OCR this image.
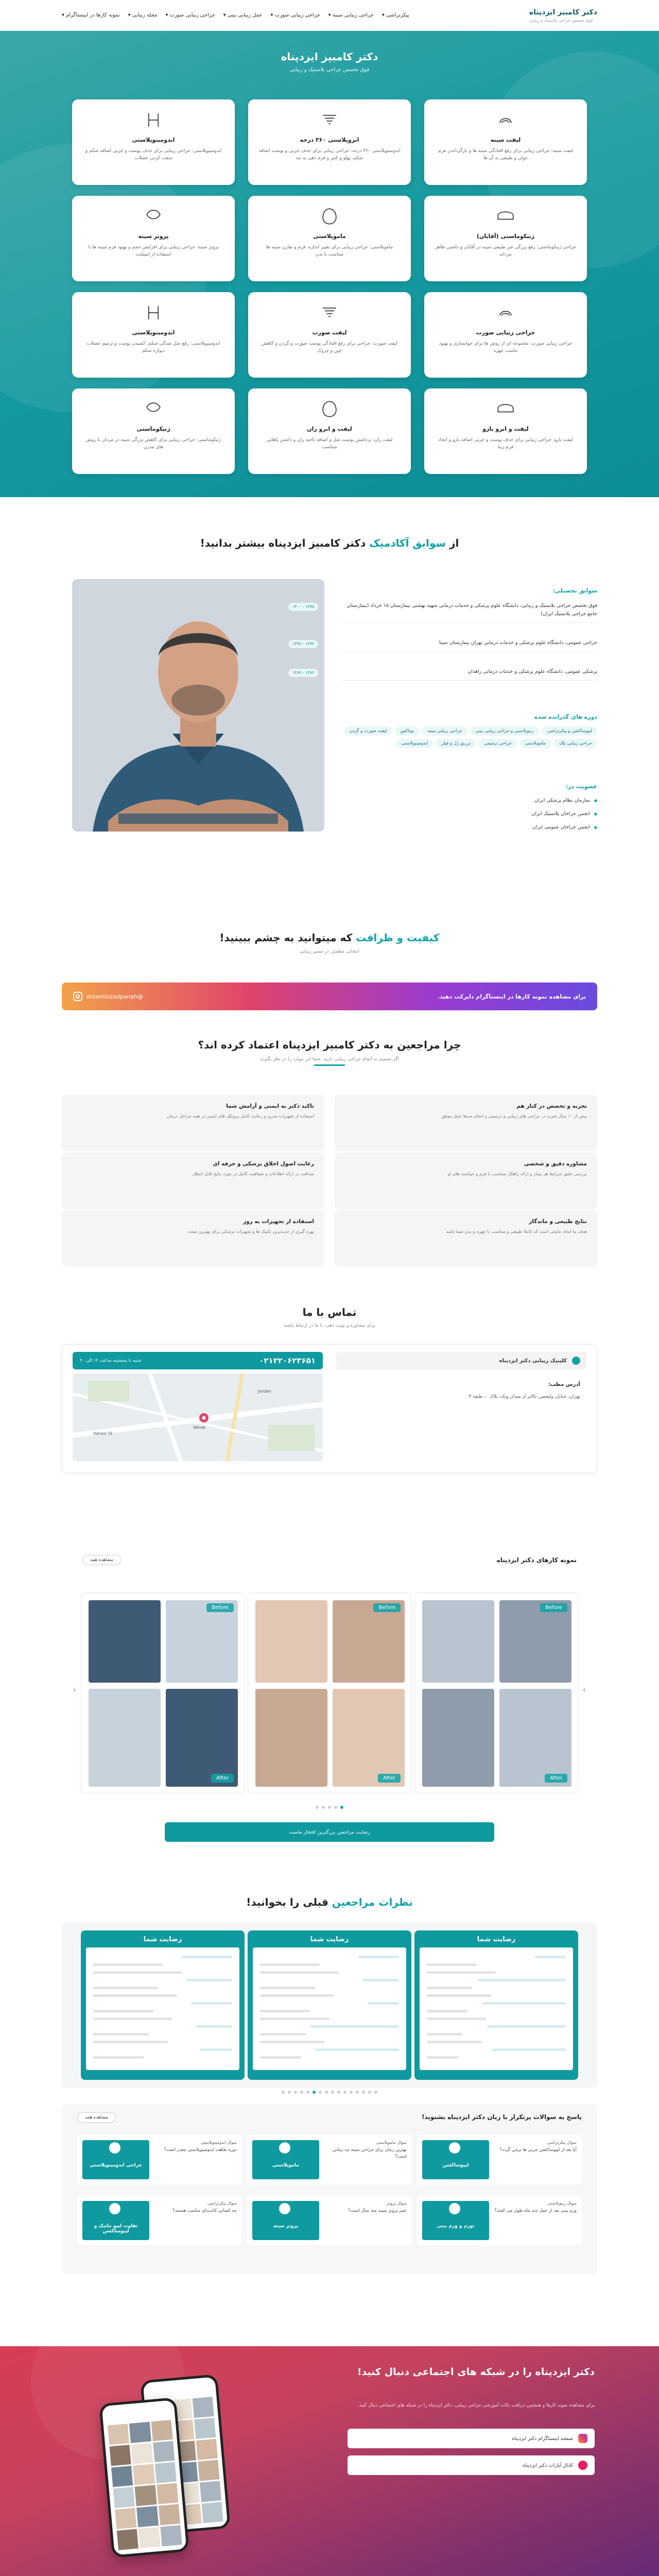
دکتر کامبیز ایزدپناه
فوق تخصص جراحی پلاستیک و زیبایی
پیکرتراشی ▾
جراحی زیبایی سینه ▾
جراحی زیبایی صورت ▾
عمل زیبایی بینی ▾
جراحی زیبایی صورت ▾
مجله زیبایی ▾
نمونه کارها در اینستاگرام ▾
دکتر کامبیز ایزدپناه
فوق تخصص جراحی پلاستیک و زیبایی
لیفت سینه
لیفت سینه: جراحی زیبایی برای رفع افتادگی سینه ها و بازگرداندن فرم جوان و طبیعی به آن ها
ابروپلاستی ۳۶۰ درجه
ابدومینوپلاستی ۳۶۰ درجه: جراحی زیبایی برای حذف چربی و پوست اضافه شکم، پهلو و کمر و فرم دهی به تنه
ابدومینوپلاستی
ابدومینوپلاستی: جراحی زیبایی برای حذف پوست و چربی اضافه شکم و سفت کردن عضلات
ژنیکوماستی (آقایان)
جراحی ژنیکوماستی: رفع بزرگی غیر طبیعی سینه در آقایان و داشتن ظاهر مردانه
ماموپلاستی
ماموپلاستی: جراحی زیبایی برای تغییر اندازه، فرم و تقارن سینه ها متناسب با بدن
پروتز سینه
پروتز سینه: جراحی زیبایی برای افزایش حجم و بهبود فرم سینه ها با استفاده از ایمپلنت
جراحی زیبایی صورت
جراحی زیبایی صورت: مجموعه ای از روش ها برای جوانسازی و بهبود تناسب چهره
لیفت صورت
لیفت صورت: جراحی برای رفع افتادگی پوست صورت و گردن و کاهش چین و چروک
ابدومینوپلاستی
ابدومینوپلاستی: رفع شل شدگی شکم، کشیدن پوست و ترمیم عضلات دیواره شکم
لیفت و ابرو بازو
لیفت بازو: جراحی زیبایی برای حذف پوست و چربی اضافه بازو و ایجاد فرم زیبا
لیفت و ابرو ران
لیفت ران: برداشتن پوست شل و اضافه ناحیه ران و داشتن پاهایی متناسب
ژنیکوماستی
ژنیکوماستی: جراحی زیبایی برای کاهش بزرگی سینه در مردان با روش های مدرن
از سوابق آکادمیک دکتر کامبیز ایزدپناه بیشتر بدانید!
سوابق تحصیلی:
فوق تخصص جراحی پلاستیک و زیبایی، دانشگاه علوم پزشکی و خدمات درمانی شهید بهشتی بیمارستان ۱۵ خرداد (بیمارستان جامع جراحی پلاستیک ایران)
۱۳۹۷ - ۱۴۰۰
جراحی عمومی، دانشگاه علوم پزشکی و خدمات درمانی تهران بیمارستان سینا
۱۳۹۲ - ۱۳۹۶
پزشکی عمومی، دانشگاه علوم پزشکی و خدمات درمانی زاهدان
۱۳۸۲ - ۱۳۸۹
دوره های گذرانده شده
لیپوساکشن و پیکرتراشی
رینوپلاستی و جراحی زیبایی بینی
جراحی زیبایی سینه
بوتاکس
لیفت صورت و گردن
جراحی زیبایی پلک
ماموپلاستی
جراحی ترمیمی
تزریق ژل و فیلر
ابدومینوپلاستی
عضویت در:
● سازمان نظام پزشکی ایران
● انجمن جراحان پلاستیک ایران
● انجمن جراحان عمومی ایران
کیفیت و ظرافت که میتوانید به چشم ببینید!
انتخابی مطمئن در مسیر زیبایی
برای مشاهده نمونه کارها در اینستاگرام دایرکت دهید.
@drkambizadpanah
چرا مراجعین به دکتر کامبیز ایزدپناه اعتماد کرده اند؟
اگر تصمیم به انجام جراحی زیبایی دارید، حتما این موارد را در نظر بگیرید
تجربه و تخصص در کنار هم
بیش از ۱۰ سال تجربه در جراحی های زیبایی و ترمیمی و انجام صدها عمل موفق
تاکید دکتر به ایمنی و آرامش شما
استفاده از تجهیزات مدرن و رعایت کامل پروتکل های ایمنی در همه مراحل درمان
مشاوره دقیق و شخصی
بررسی دقیق شرایط هر بیمار و ارائه راهکار متناسب با فرم و خواسته های او
رعایت اصول اخلاق پزشکی و حرفه ای
صداقت در ارائه اطلاعات و شفافیت کامل در مورد نتایج قابل انتظار
نتایج طبیعی و ماندگار
هدف ما ایجاد نتایجی است که کاملا طبیعی و متناسب با چهره و بدن شما باشد
استفاده از تجهیزات به روز
بهره گیری از جدیدترین تکنیک ها و تجهیزات پزشکی برای بهترین نتیجه
تماس با ما
برای مشاوره و نوبت دهی، با ما در ارتباط باشید
۰۲۱۲۲۰۶۲۳۶۵۱
شنبه تا پنجشنبه ساعت ۱۲ الی ۲۰
Vanak
Valiasr St
Jordan
کلینیک زیبایی دکتر ایزدپناه
آدرس مطب:
تهران، خیابان ولیعصر، بالاتر از میدان ونک، پلاک ۰، طبقه ۳
نمونه کارهای دکتر ایزدپناه
مشاهده همه
‹	›
Before
After
Before
After
Before
After
رضایت مراجعین بزرگترین افتخار ماست
نظرات مراجعین قبلی را بخوانید!
رضایت شما
رضایت شما
رضایت شما
پاسخ به سوالات پرتکرار با زبان دکتر ایزدپناه بشنوید!
مشاهده همه
سوال پیکرتراشی
آیا بعد از لیپوساکشن چربی ها برمی گردد؟
لیپوساکشن
سوال ماموپلاستی
بهترین زمان برای جراحی سینه چه زمانی است؟
ماموپلاستی
سوال ابدومینوپلاستی
دوره نقاهت ابدومینوپلاستی چقدر است؟
جراحی ابدومینوپلاستی
سوال رینوپلاستی
ورم بینی بعد از عمل چند ماه طول می کشد؟
تورم و ورم بینی
سوال پروتز
عمر پروتز سینه چند سال است؟
پروتز سینه
سوال پیکرتراشی
چه کسانی کاندیدای مناسب هستند؟
تفاوت لیپو ماتیک و لیپوساکشن
دکتر ایزدپناه را در شبکه های اجتماعی دنبال کنید!
برای مشاهده نمونه کارها و همچنین دریافت نکات آموزشی جراحی زیبایی، دکتر ایزدپناه را در شبکه های اجتماعی دنبال کنید.
صفحه اینستاگرام دکتر ایزدپناه
کانال آپارات دکتر ایزدپناه
